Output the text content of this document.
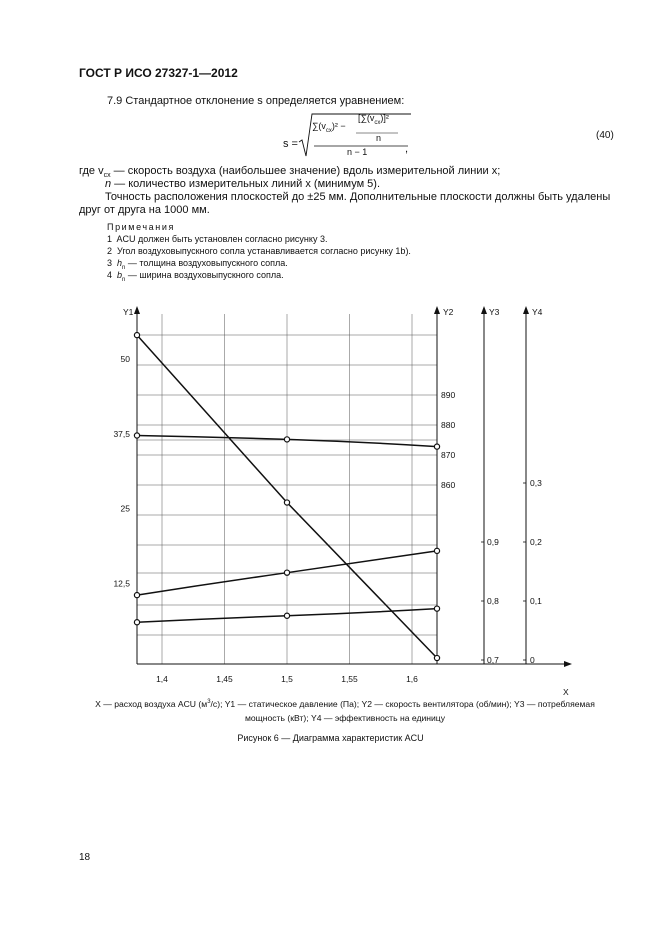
ГОСТ Р ИСО 27327-1—2012
7.9 Стандартное отклонение s определяется уравнением:
s =
$\sum(v_{cx})^2$ −
$[\sum(v_{cx})]^2$
n
n − 1	,
(40)
где $v_{cx}$ — скорость воздуха (наибольшее значение) вдоль измерительной линии x;
n — количество измерительных линий x (минимум 5).
Точность расположения плоскостей до ±25 мм. Дополнительные плоскости должны быть удалены
друг от друга на 1000 мм.
Примечания
1 ACU должен быть установлен согласно рисунку 3.
2 Угол воздуховыпускного сопла устанавливается согласно рисунку 1b).
3 $h_n$ — толщина воздуховыпускного сопла.
4 $b_n$ — ширина воздуховыпускного сопла.
Y1	Y2	Y3	Y4
X
12,5
25
37,5
50
860
870
880
890
0,7
0,8
0,9
0
0,1
0,2
0,3
1,4	1,45	1,5	1,55	1,6
X — расход воздуха ACU $(м^3/с)$; Y1 — статическое давление (Па); Y2 — скорость вентилятора (об/мин); Y3 — потребляемая мощность (кВт); Y4 — эффективность на единицу
Рисунок 6 — Диаграмма характеристик ACU
18
